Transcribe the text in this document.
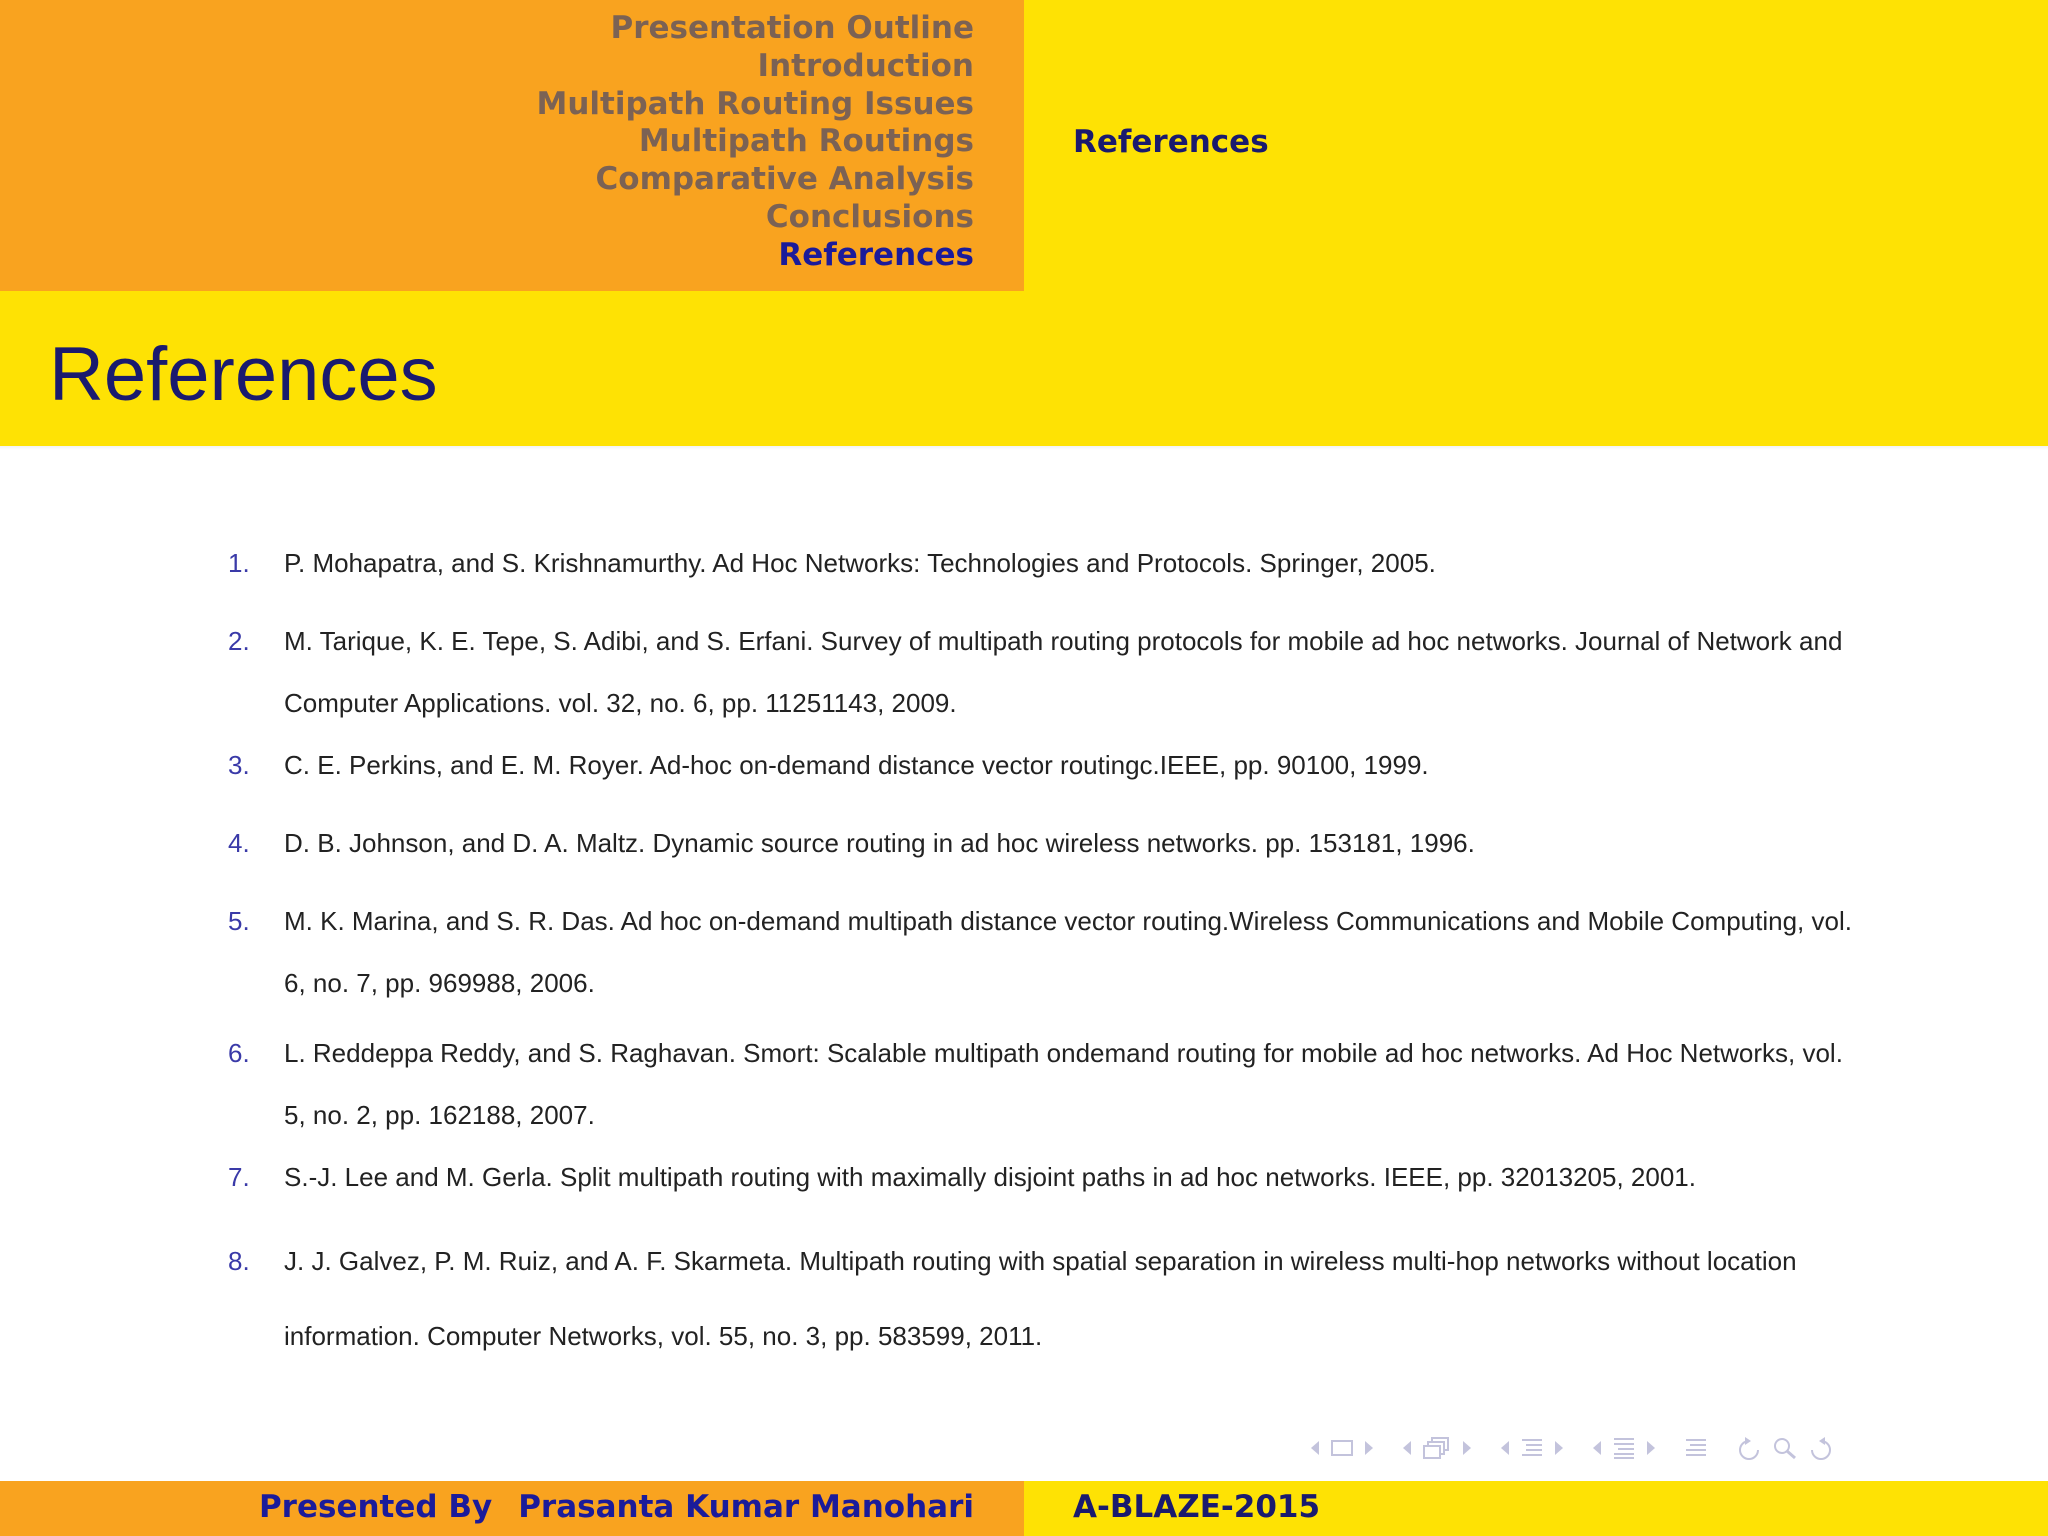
Presentation Outline
Introduction
Multipath Routing Issues
Multipath Routings
Comparative Analysis
Conclusions
References
References
References
1. P. Mohapatra, and S. Krishnamurthy. Ad Hoc Networks: Technologies and Protocols. Springer, 2005.
2. M. Tarique, K. E. Tepe, S. Adibi, and S. Erfani. Survey of multipath routing protocols for mobile ad hoc networks. Journal of Network and Computer Applications. vol. 32, no. 6, pp. 11251143, 2009.
3. C. E. Perkins, and E. M. Royer. Ad-hoc on-demand distance vector routingc.IEEE, pp. 90100, 1999.
4. D. B. Johnson, and D. A. Maltz. Dynamic source routing in ad hoc wireless networks. pp. 153181, 1996.
5. M. K. Marina, and S. R. Das. Ad hoc on-demand multipath distance vector routing.Wireless Communications and Mobile Computing, vol. 6, no. 7, pp. 969988, 2006.
6. L. Reddeppa Reddy, and S. Raghavan. Smort: Scalable multipath ondemand routing for mobile ad hoc networks. Ad Hoc Networks, vol. 5, no. 2, pp. 162188, 2007.
7. S.-J. Lee and M. Gerla. Split multipath routing with maximally disjoint paths in ad hoc networks. IEEE, pp. 32013205, 2001.
8. J. J. Galvez, P. M. Ruiz, and A. F. Skarmeta. Multipath routing with spatial separation in wireless multi-hop networks without location information. Computer Networks, vol. 55, no. 3, pp. 583599, 2011.
Presented By Prasanta Kumar Manohari	A-BLAZE-2015
